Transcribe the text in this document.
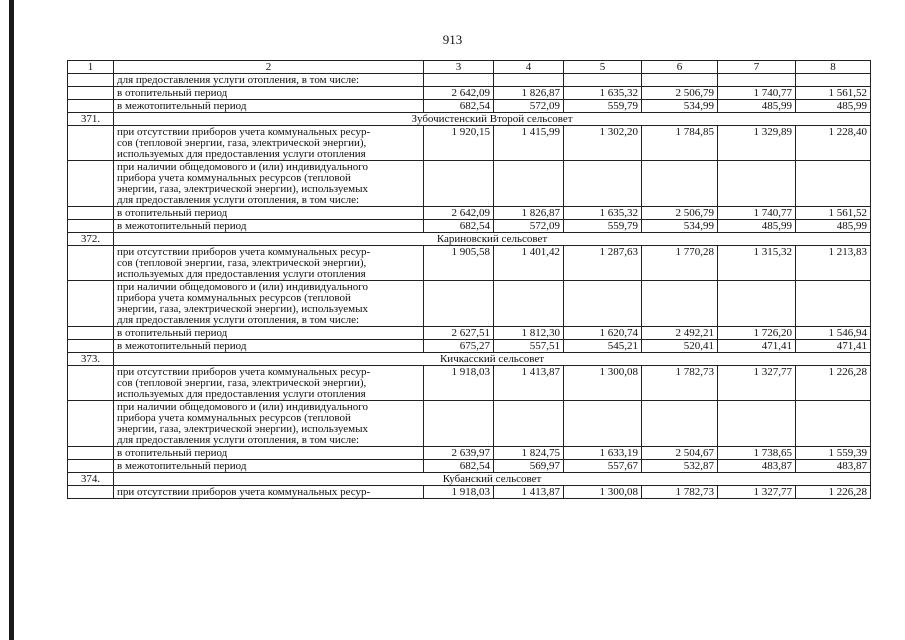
913
1	2	3	4	5	6	7	8
	для предоставления услуги отопления, в том числе:						
	в отопительный период	2 642,09	1 826,87	1 635,32	2 506,79	1 740,77	1 561,52
	в межотопительный период	682,54	572,09	559,79	534,99	485,99	485,99
371.	Зубочистенский Второй сельсовет						
	при отсутствии приборов учета коммунальных ресур-
сов (тепловой энергии, газа, электрической энергии),
используемых для предоставления услуги отопления	1 920,15	1 415,99	1 302,20	1 784,85	1 329,89	1 228,40
	при наличии общедомового и (или) индивидуального
прибора учета коммунальных ресурсов (тепловой
энергии, газа, электрической энергии), используемых
для предоставления услуги отопления, в том числе:						
	в отопительный период	2 642,09	1 826,87	1 635,32	2 506,79	1 740,77	1 561,52
	в межотопительный период	682,54	572,09	559,79	534,99	485,99	485,99
372.	Кариновский сельсовет						
	при отсутствии приборов учета коммунальных ресур-
сов (тепловой энергии, газа, электрической энергии),
используемых для предоставления услуги отопления	1 905,58	1 401,42	1 287,63	1 770,28	1 315,32	1 213,83
	при наличии общедомового и (или) индивидуального
прибора учета коммунальных ресурсов (тепловой
энергии, газа, электрической энергии), используемых
для предоставления услуги отопления, в том числе:						
	в отопительный период	2 627,51	1 812,30	1 620,74	2 492,21	1 726,20	1 546,94
	в межотопительный период	675,27	557,51	545,21	520,41	471,41	471,41
373.	Кичкасский сельсовет						
	при отсутствии приборов учета коммунальных ресур-
сов (тепловой энергии, газа, электрической энергии),
используемых для предоставления услуги отопления	1 918,03	1 413,87	1 300,08	1 782,73	1 327,77	1 226,28
	при наличии общедомового и (или) индивидуального
прибора учета коммунальных ресурсов (тепловой
энергии, газа, электрической энергии), используемых
для предоставления услуги отопления, в том числе:						
	в отопительный период	2 639,97	1 824,75	1 633,19	2 504,67	1 738,65	1 559,39
	в межотопительный период	682,54	569,97	557,67	532,87	483,87	483,87
374.	Кубанский сельсовет						
	при отсутствии приборов учета коммунальных ресур-	1 918,03	1 413,87	1 300,08	1 782,73	1 327,77	1 226,28
